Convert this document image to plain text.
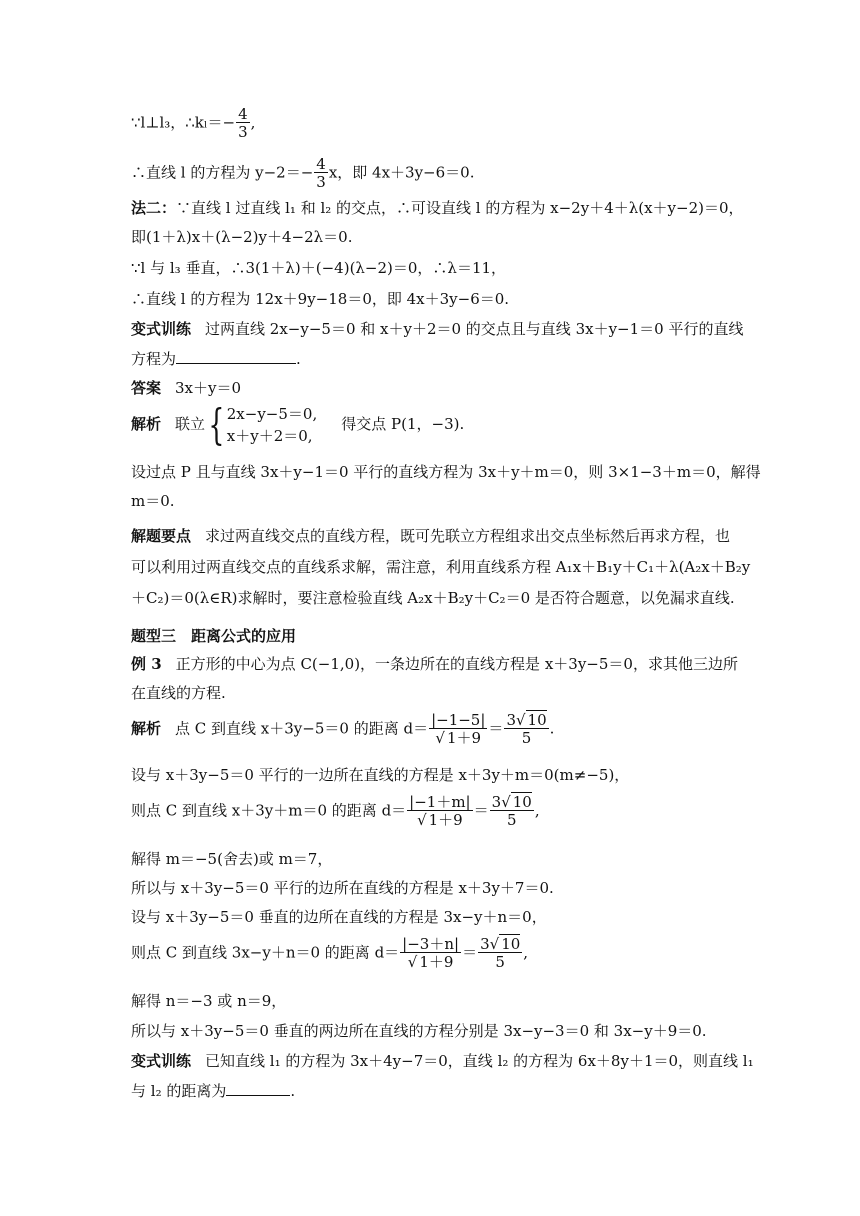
∵l⊥l₃，∴kₗ＝− $\frac{4}{3}$ ,
∴直线 l 的方程为 $y-2=- \frac{4}{3}$ x，即 4x＋3y−6＝0.
法二：∵直线 l 过直线 l₁ 和 l₂ 的交点，∴可设直线 l 的方程为 x−2y＋4＋λ(x＋y−2)＝0，
即(1＋λ)x＋(λ−2)y＋4−2λ＝0.
∵l 与 l₃ 垂直，∴3(1＋λ)＋(−4)(λ−2)＝0，∴λ＝11，
∴直线 l 的方程为 12x＋9y−18＝0，即 4x＋3y−6＝0.
变式训练 过两直线 2x−y−5＝0 和 x＋y＋2＝0 的交点且与直线 3x＋y−1＝0 平行的直线
方程为	.
答案 3x＋y＝0
解析 联立{ 2x−y−5＝0,
x＋y＋2＝0,
得交点 P(1，−3).
设过点 P 且与直线 3x＋y−1＝0 平行的直线方程为 3x＋y＋m＝0，则 3×1−3＋m＝0，解得
m＝0.
解题要点 求过两直线交点的直线方程，既可先联立方程组求出交点坐标然后再求方程，也
可以利用过两直线交点的直线系求解，需注意，利用直线系方程 A₁x＋B₁y＋C₁＋λ(A₂x＋B₂y
＋C₂)＝0(λ∈R)求解时，要注意检验直线 A₂x＋B₂y＋C₂＝0 是否符合题意，以免漏求直线.
题型三　距离公式的应用
例 3 正方形的中心为点 C(−1,0)，一条边所在的直线方程是 x＋3y−5＝0，求其他三边所
在直线的方程.
解析 点 C 到直线 x＋3y−5＝0 的距离 $d= \frac{|-1-5|}{√ 1+9} = \frac{3√ 10}{5}$ .
设与 x＋3y−5＝0 平行的一边所在直线的方程是 x＋3y＋m＝0(m≠−5)，
则点 C 到直线 x＋3y＋m＝0 的距离 $d= \frac{|-1+m|}{√ 1+9} = \frac{3√ 10}{5}$ ,
解得 m＝−5(舍去)或 m＝7，
所以与 x＋3y−5＝0 平行的边所在直线的方程是 x＋3y＋7＝0.
设与 x＋3y−5＝0 垂直的边所在直线的方程是 3x−y＋n＝0，
则点 C 到直线 3x−y＋n＝0 的距离 $d= \frac{|-3+n|}{√ 1+9} = \frac{3√ 10}{5}$ ,
解得 n＝−3 或 n＝9，
所以与 x＋3y−5＝0 垂直的两边所在直线的方程分别是 3x−y−3＝0 和 3x−y＋9＝0.
变式训练 已知直线 l₁ 的方程为 3x＋4y−7＝0，直线 l₂ 的方程为 6x＋8y＋1＝0，则直线 l₁
与 l₂ 的距离为	.
